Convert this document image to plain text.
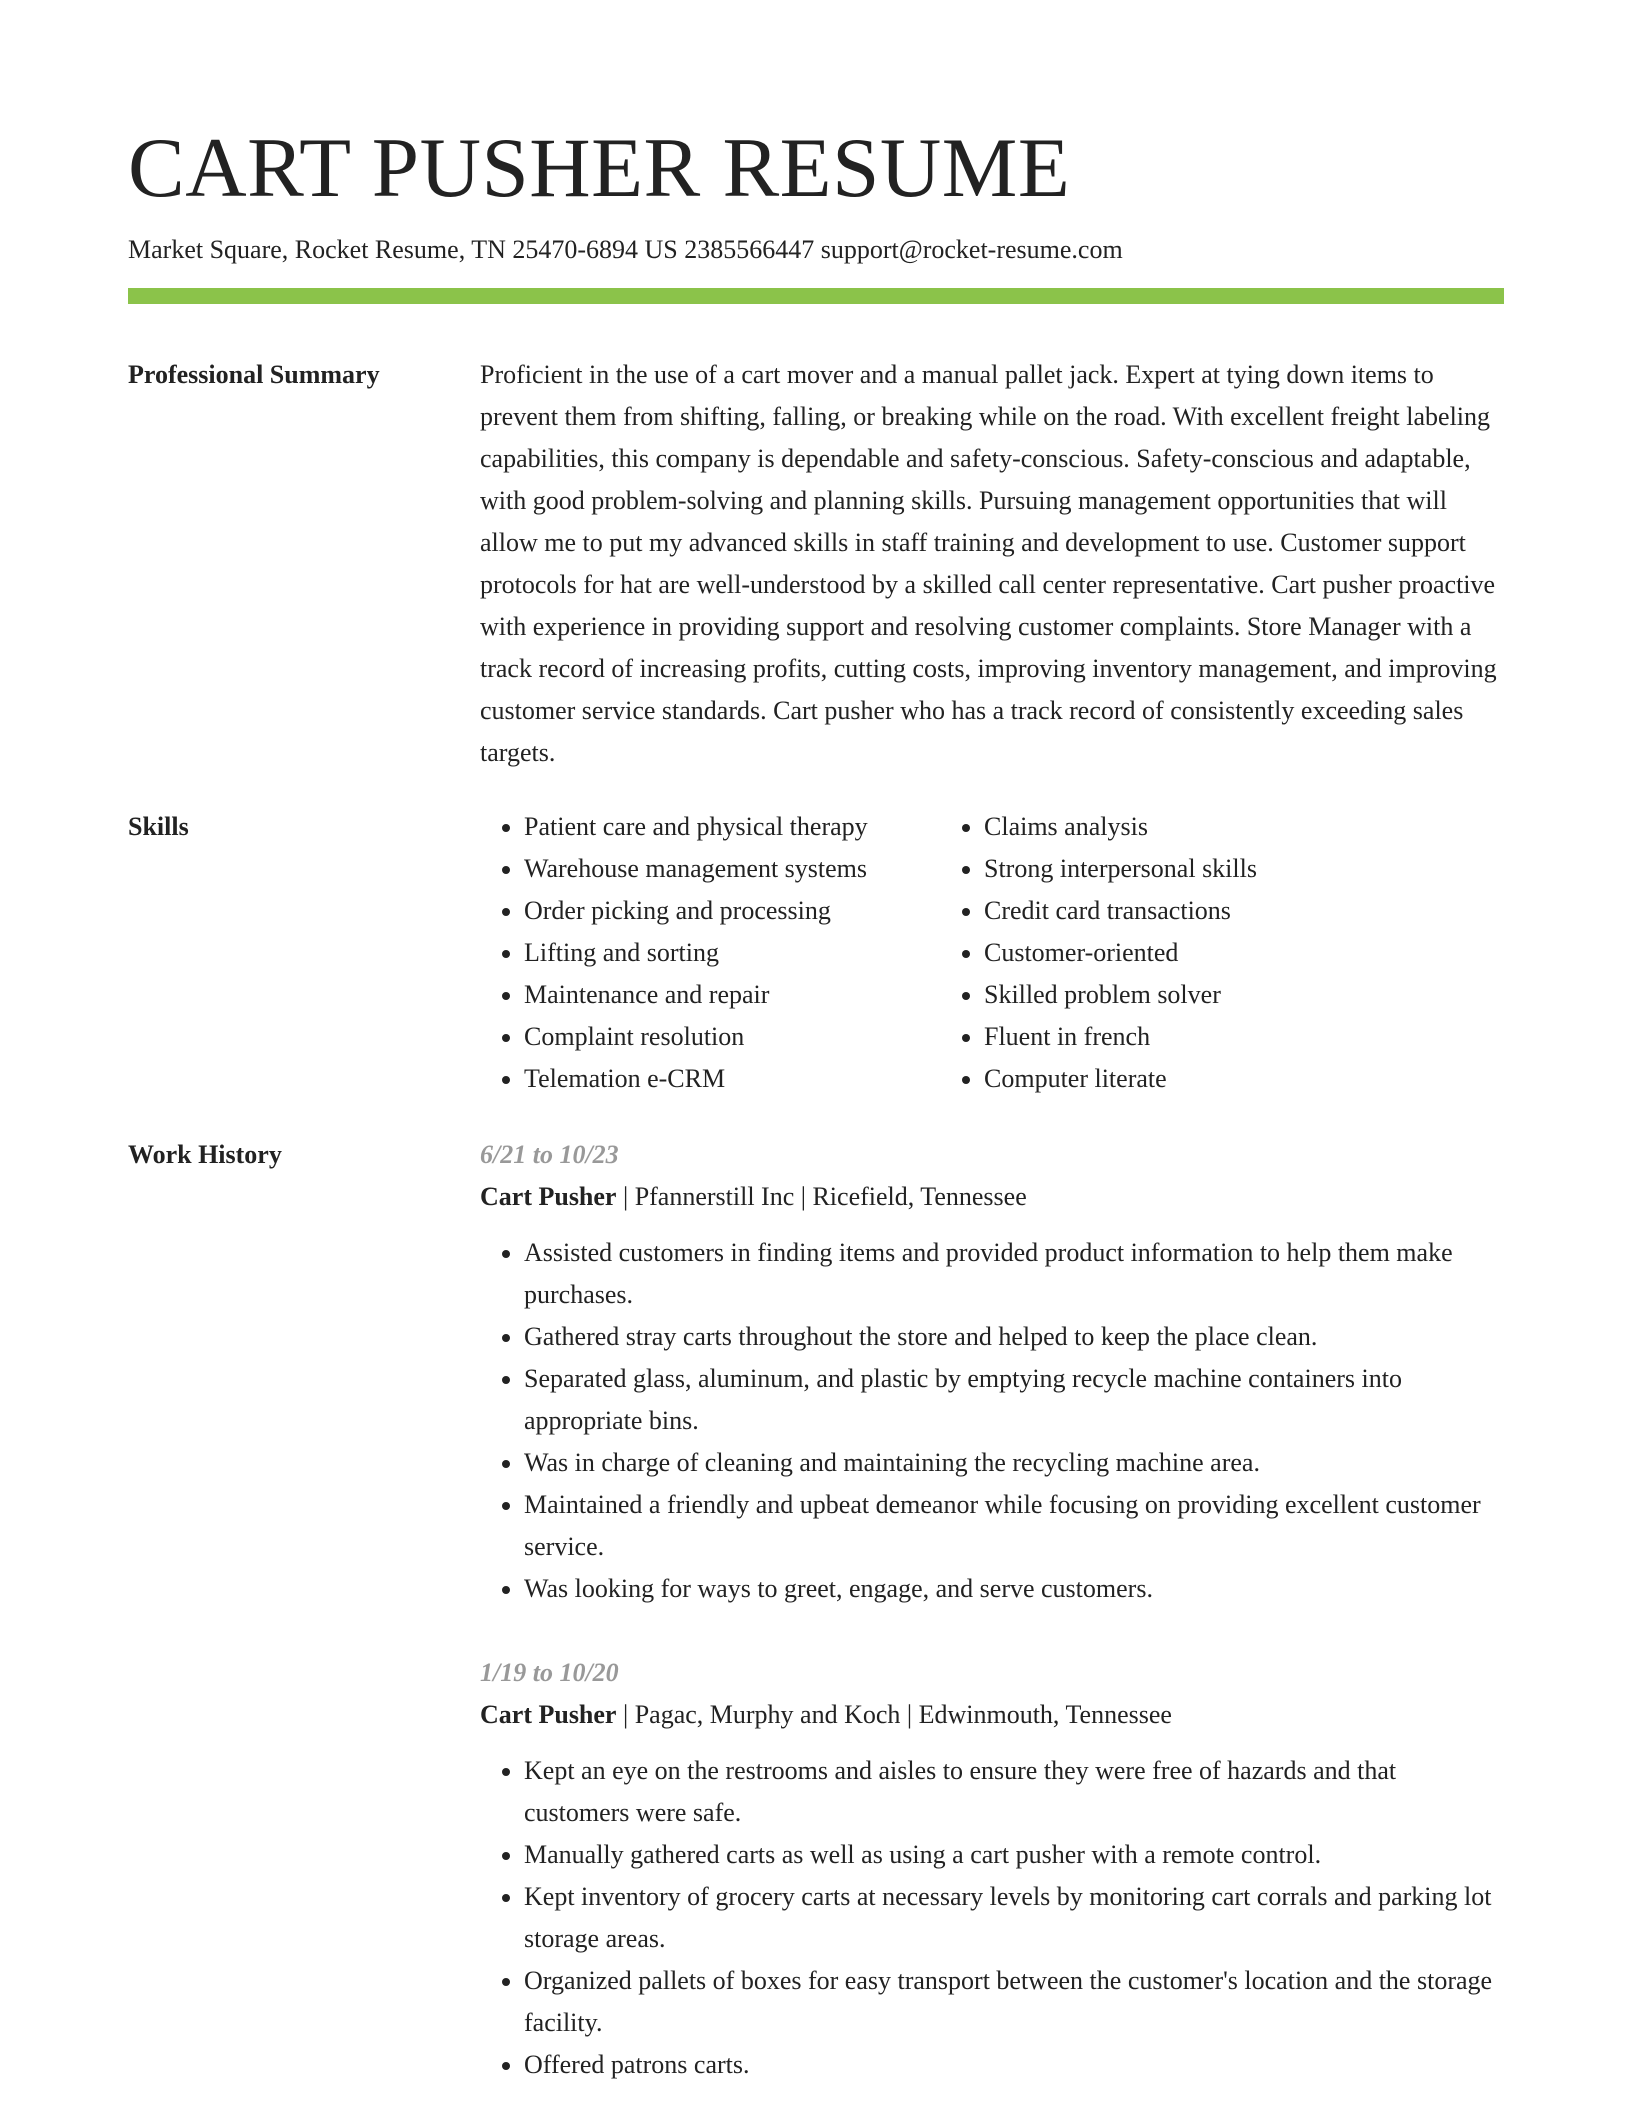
CART PUSHER RESUME
Market Square, Rocket Resume, TN 25470-6894 US 2385566447 support@rocket-resume.com
Professional Summary	Proficient in the use of a cart mover and a manual pallet jack. Expert at tying down items to prevent them from shifting, falling, or breaking while on the road. With excellent freight labeling capabilities, this company is dependable and safety-conscious. Safety-conscious and adaptable, with good problem-solving and planning skills. Pursuing management opportunities that will allow me to put my advanced skills in staff training and development to use. Customer support protocols for hat are well-understood by a skilled call center representative. Cart pusher proactive with experience in providing support and resolving customer complaints. Store Manager with a track record of increasing profits, cutting costs, improving inventory management, and improving customer service standards. Cart pusher who has a track record of consistently exceeding sales targets.

Skills
•	Patient care and physical therapy
• Warehouse management systems
• Order picking and processing
• Lifting and sorting
• Maintenance and repair
• Complaint resolution
• Telemation e-CRM
• Claims analysis
• Strong interpersonal skills
• Credit card transactions
• Customer-oriented
• Skilled problem solver
• Fluent in french
• Computer literate
Work History	6/21 to 10/23
Cart Pusher | Pfannerstill Inc | Ricefield, Tennessee
• Assisted customers in finding items and provided product information to help them make purchases.
• Gathered stray carts throughout the store and helped to keep the place clean.
• Separated glass, aluminum, and plastic by emptying recycle machine containers into appropriate bins.
• Was in charge of cleaning and maintaining the recycling machine area.
• Maintained a friendly and upbeat demeanor while focusing on providing excellent customer service.
• Was looking for ways to greet, engage, and serve customers.
1/19 to 10/20
Cart Pusher | Pagac, Murphy and Koch | Edwinmouth, Tennessee
• Kept an eye on the restrooms and aisles to ensure they were free of hazards and that customers were safe.
• Manually gathered carts as well as using a cart pusher with a remote control.
• Kept inventory of grocery carts at necessary levels by monitoring cart corrals and parking lot storage areas.
• Organized pallets of boxes for easy transport between the customer's location and the storage facility.
• Offered patrons carts.
